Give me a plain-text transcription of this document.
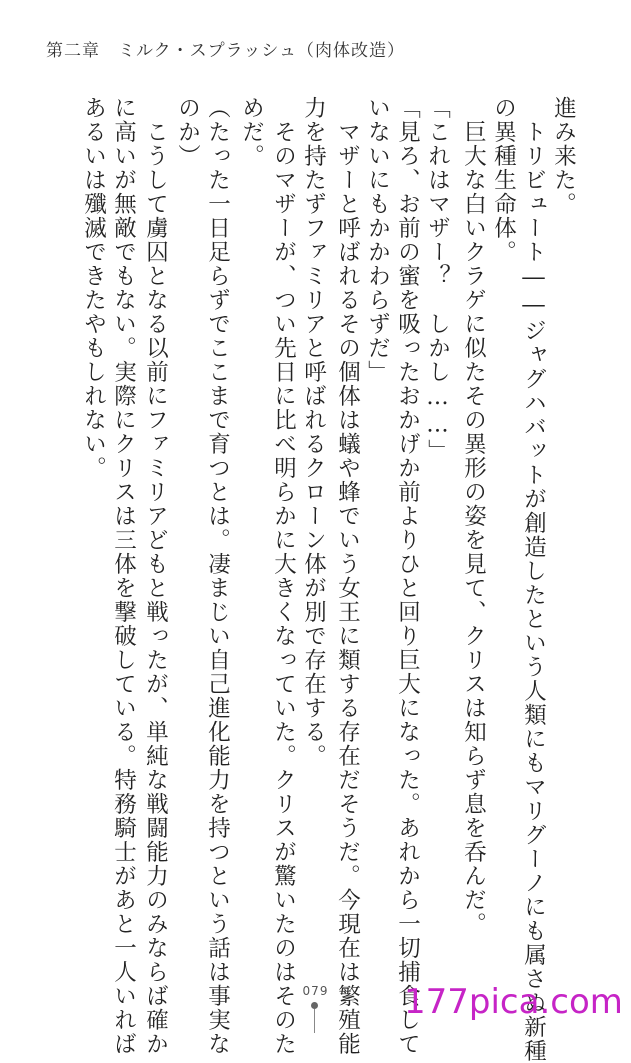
第二章　ミルク・スプラッシュ（肉体改造）
進み来た。
　トリビュート――ジャグハバットが創造したという人類にもマリグーノにも属さぬ新種
の異種生命体。
　巨大な白いクラゲに似たその異形の姿を見て、クリスは知らず息を呑んだ。
「これはマザー？　しかし……」
「見ろ、お前の蜜を吸ったおかげか前よりひと回り巨大になった。あれから一切捕食して
いないにもかかわらずだ」
　マザーと呼ばれるその個体は蟻や蜂でいう女王に類する存在だそうだ。今現在は繁殖能
力を持たずファミリアと呼ばれるクローン体が別で存在する。
　そのマザーが、つい先日に比べ明らかに大きくなっていた。クリスが驚いたのはそのた
めだ。
（たった一日足らずでここまで育つとは。凄まじい自己進化能力を持つという話は事実な
のか）
　こうして虜囚となる以前にファミリアどもと戦ったが、単純な戦闘能力のみならば確か
に高いが無敵でもない。実際にクリスは三体を撃破している。特務騎士があと一人いれば
あるいは殲滅できたやもしれない。
079	177pica.com
